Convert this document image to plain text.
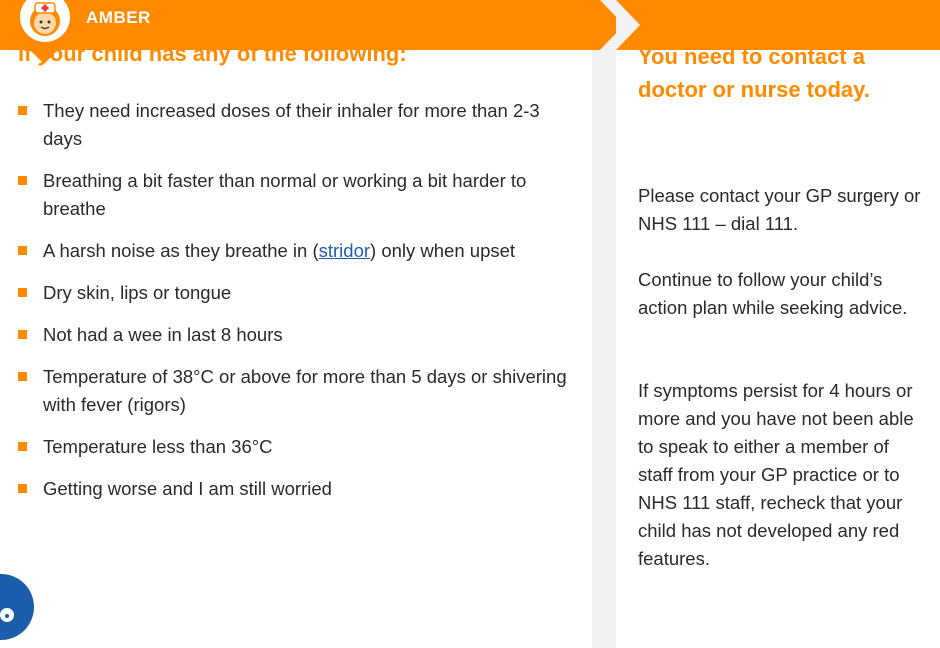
AMBER
If your child has any of the following:
They need increased doses of their inhaler for more than 2-3 days
Breathing a bit faster than normal or working a bit harder to breathe
A harsh noise as they breathe in (stridor) only when upset
Dry skin, lips or tongue
Not had a wee in last 8 hours
Temperature of 38°C or above for more than 5 days or shivering with fever (rigors)
Temperature less than 36°C
Getting worse and I am still worried
You need to contact a doctor or nurse today.

Please contact your GP surgery or NHS 111 – dial 111.

Continue to follow your child’s action plan while seeking advice.

If symptoms persist for 4 hours or more and you have not been able to speak to either a member of staff from your GP practice or to NHS 111 staff, recheck that your child has not developed any red features.
